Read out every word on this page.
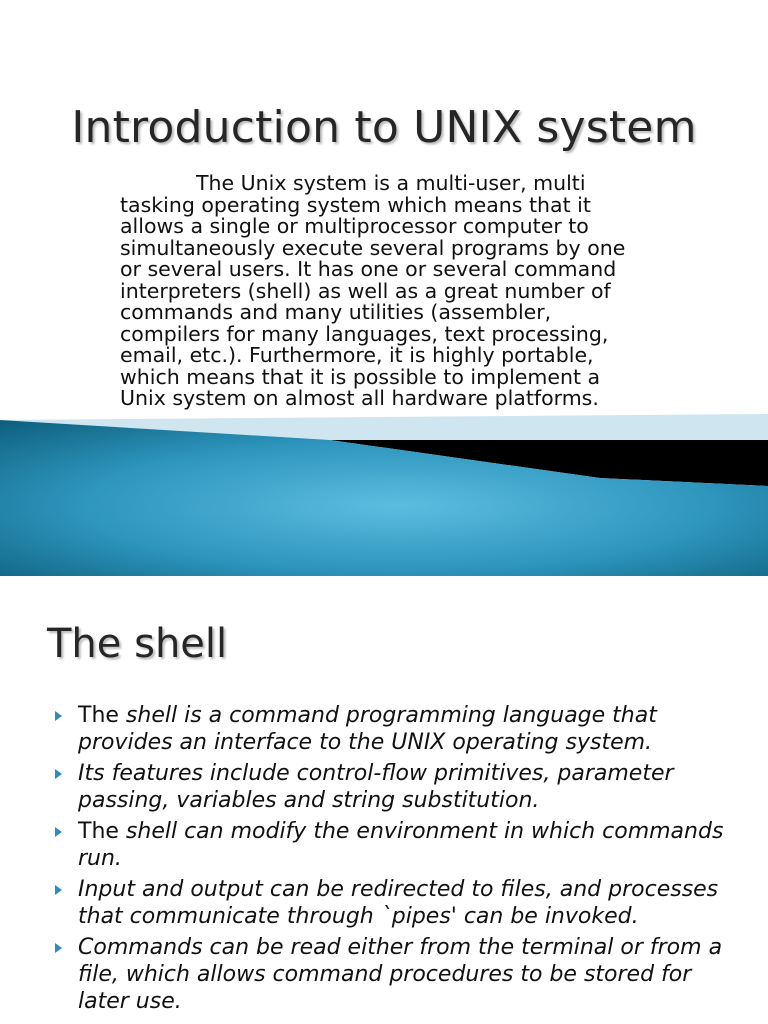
Introduction to UNIX system

The Unix system is a multi-user, multi tasking operating system which means that it allows a single or multiprocessor computer to simultaneously execute several programs by one or several users. It has one or several command interpreters (shell) as well as a great number of commands and many utilities (assembler, compilers for many languages, text processing, email, etc.). Furthermore, it is highly portable, which means that it is possible to implement a Unix system on almost all hardware platforms.

The shell
The shell is a command programming language that provides an interface to the UNIX operating system.
Its features include control-flow primitives, parameter passing, variables and string substitution.
The shell can modify the environment in which commands run.
Input and output can be redirected to files, and processes that communicate through `pipes' can be invoked.
Commands can be read either from the terminal or from a file, which allows command procedures to be stored for later use.
